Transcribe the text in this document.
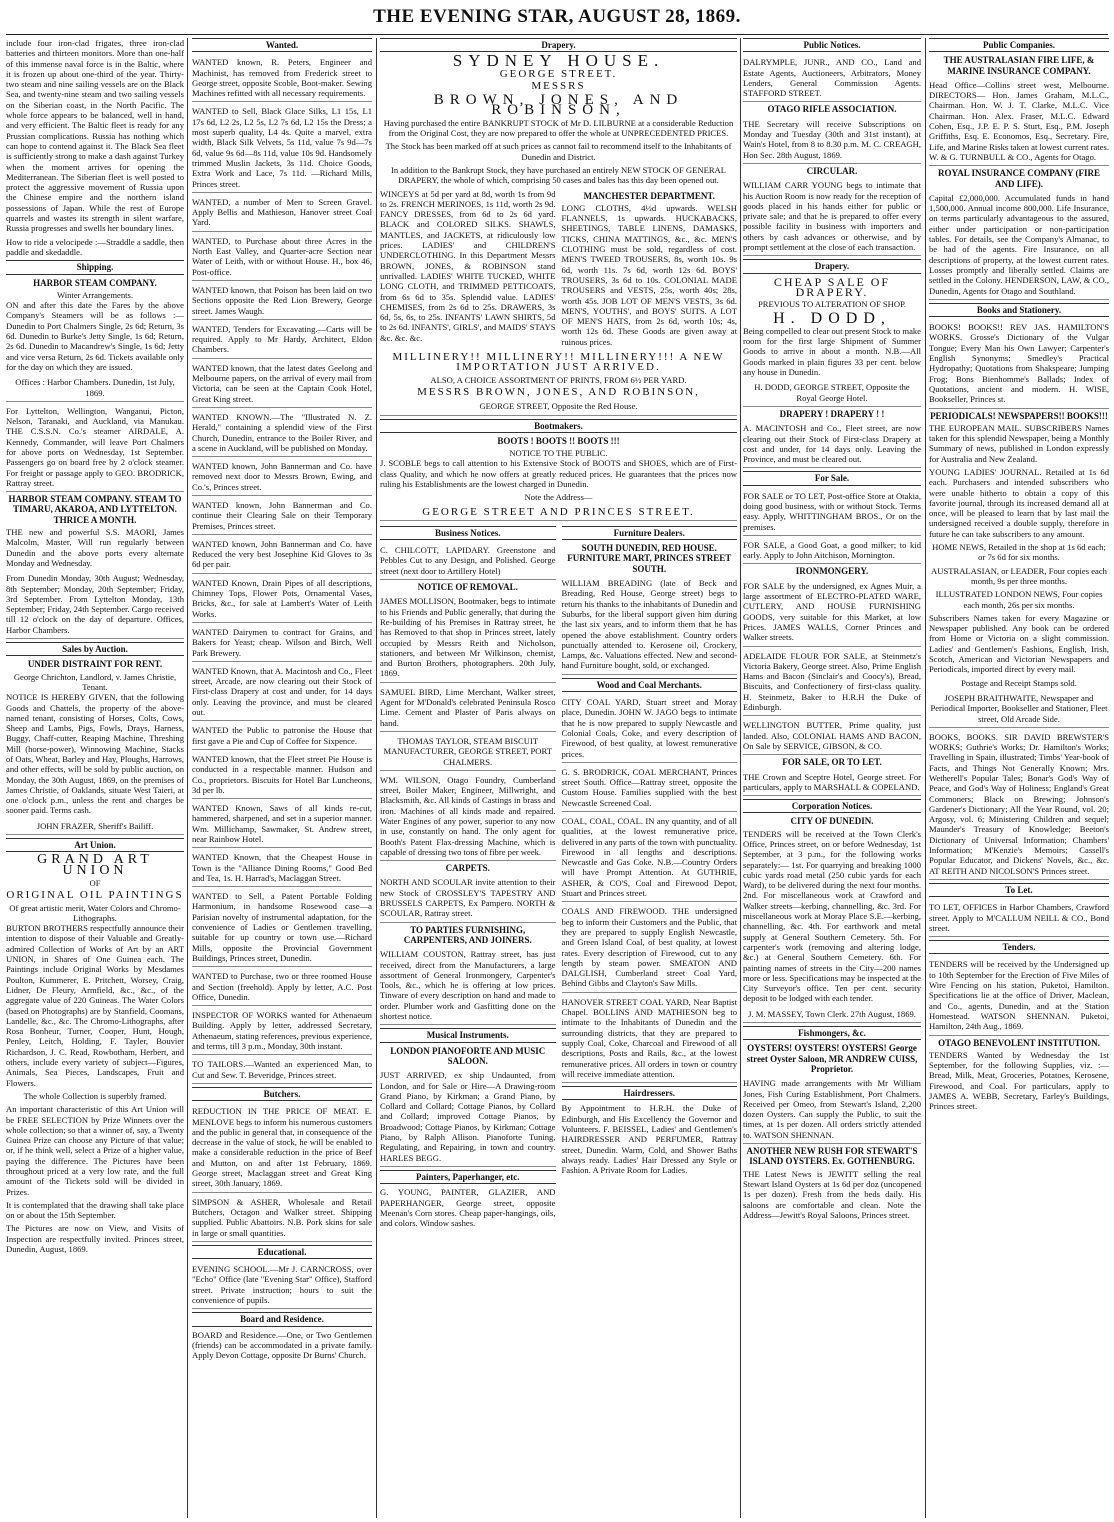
THE EVENING STAR, AUGUST 28, 1869.

include four iron-clad frigates, three iron-clad batteries and thirteen monitors. More than one-half of this immense naval force is in the Baltic, where it is frozen up about one-third of the year. Thirty-two steam and nine sailing vessels are on the Black Sea, and twenty-nine steam and two sailing vessels on the Siberian coast, in the North Pacific. The whole force appears to be balanced, well in hand, and very efficient. The Baltic fleet is ready for any Prussian complications. Russia has nothing which can hope to contend against it. The Black Sea fleet is sufficiently strong to make a dash against Turkey when the moment arrives for opening the Mediterranean. The Siberian fleet is well posted to protect the aggressive movement of Russia upon the Chinese empire and the northern island possessions of Japan. While the rest of Europe quarrels and wastes its strength in silent warfare, Russia progresses and swells her boundary lines.

How to ride a velocipede :—Straddle a saddle, then paddle and skedaddle.

Shipping.
HARBOR STEAM COMPANY.
Winter Arrangements.

ON and after this date the Fares by the above Company's Steamers will be as follows :— Dunedin to Port Chalmers Single, 2s 6d; Return, 3s 6d. Dunedin to Burke's Jetty Single, 1s 6d; Return, 2s 6d. Dunedin to Macandrew's Single, 1s 6d; Jetty and vice versa Return, 2s 6d. Tickets available only for the day on which they are issued.

Offices : Harbor Chambers. Dunedin, 1st July, 1869.

For Lyttelton, Wellington, Wanganui, Picton, Nelson, Taranaki, and Auckland, via Manukau. THE C.S.S.N. Co.'s steamer AIRDALE, A. Kennedy, Commander, will leave Port Chalmers for above ports on Wednesday, 1st September. Passengers go on board free by 2 o'clock steamer. For freight or passage apply to GEO. BRODRICK, Rattray street.

HARBOR STEAM COMPANY. STEAM TO TIMARU, AKAROA, AND LYTTELTON. THRICE A MONTH.

THE new and powerful S.S. MAORI, James Malcolm, Master, Will run regularly between Dunedin and the above ports every alternate Monday and Wednesday.

From Dunedin Monday, 30th August; Wednesday, 8th September; Monday, 20th September; Friday, 3rd September. From Lyttelton Monday, 13th September; Friday, 24th September. Cargo received till 12 o'clock on the day of departure. Offices, Harbor Chambers.

Sales by Auction.
UNDER DISTRAINT FOR RENT.
George Chrichton, Landlord, v. James Christie, Tenant.

NOTICE IS HEREBY GIVEN, that the following Goods and Chattels, the property of the above-named tenant, consisting of Horses, Colts, Cows, Sheep and Lambs, Pigs, Fowls, Drays, Harness, Buggy, Chaff-cutter, Reaping Machine, Threshing Mill (horse-power), Winnowing Machine, Stacks of Oats, Wheat, Barley and Hay, Ploughs, Harrows, and other effects, will be sold by public auction, on Monday, the 30th August, 1869, on the premises of James Christie, of Oaklands, situate West Taieri, at one o'clock p.m., unless the rent and charges be sooner paid. Terms cash.

JOHN FRAZER, Sheriff's Bailiff.
Art Union.
GRAND ART UNION
OF
ORIGINAL OIL PAINTINGS
Of great artistic merit, Water Colors and Chromo-Lithographs.

BURTON BROTHERS respectfully announce their intention to dispose of their Valuable and Greatly-admired Collection of Works of Art by an ART UNION, in Shares of One Guinea each. The Paintings include Original Works by Mesdames Poulton, Kummerer, E. Pritchett, Worsey, Craig, Lidner, De Fleury, Armfield, &c., &c., of the aggregate value of 220 Guineas. The Water Colors (based on Photographs) are by Stanfield, Coomans, Landelle, &c., &c. The Chromo-Lithographs, after Rosa Bonheur, Turner, Cooper, Hunt, Hough, Penley, Leitch, Holding, F. Tayler, Bouvier Richardson, J. C. Read, Rowbotham, Herbert, and others, include every variety of subject—Figures, Animals, Sea Pieces, Landscapes, Fruit and Flowers.

The whole Collection is superbly framed.

An important characteristic of this Art Union will be FREE SELECTION by Prize Winners over the whole collection; so that a winner of, say, a Twenty Guinea Prize can choose any Picture of that value; or, if he think well, select a Prize of a higher value, paying the difference. The Pictures have been throughout priced at a very low rate, and the full amount of the Tickets sold will be divided in Prizes.

It is contemplated that the drawing shall take place on or about the 15th September.

The Pictures are now on View, and Visits of Inspection are respectfully invited. Princes street, Dunedin, August, 1869.

Wanted.

WANTED known, R. Peters, Engineer and Machinist, has removed from Frederick street to George street, opposite Scoble, Boot-maker. Sewing Machines refitted with all necessary requirements.

WANTED to Sell, Black Glace Silks, L1 15s, L1 17s 6d, L2 2s, L2 5s, L2 7s 6d, L2 15s the Dress; a most superb quality, L4 4s. Quite a marvel, extra width, Black Silk Velvets, 5s 11d, value 7s 9d—7s 6d, value 9s 6d—8s 11d, value 10s 9d. Handsomely trimmed Muslin Jackets, 3s 11d. Choice Goods, Extra Work and Lace, 7s 11d. —Richard Mills, Princes street.

WANTED, a number of Men to Screen Gravel. Apply Bellis and Mathieson, Hanover street Coal Yard.

WANTED, to Purchase about three Acres in the North East Valley, and Quarter-acre Section near Water of Leith, with or without House. H., box 46, Post-office.

WANTED known, that Poison has been laid on two Sections opposite the Red Lion Brewery, George street. James Waugh.

WANTED, Tenders for Excavating.—Carts will be required. Apply to Mr Hardy, Architect, Eldon Chambers.

WANTED known, that the latest dates Geelong and Melbourne papers, on the arrival of every mail from Victoria, can be seen at the Captain Cook Hotel, Great King street.

WANTED KNOWN.—The "Illustrated N. Z. Herald," containing a splendid view of the First Church, Dunedin, entrance to the Boiler River, and a scene in Auckland, will be published on Monday.

WANTED known, John Bannerman and Co. have removed next door to Messrs Brown, Ewing, and Co.'s, Princes street.

WANTED known, John Bannerman and Co. continue their Clearing Sale on their Temporary Premises, Princes street.

WANTED known, John Bannerman and Co. have Reduced the very best Josephine Kid Gloves to 3s 6d per pair.

WANTED Known, Drain Pipes of all descriptions, Chimney Tops, Flower Pots, Ornamental Vases, Bricks, &c., for sale at Lambert's Water of Leith Works.

WANTED Dairymen to contract for Grains, and Bakers for Yeast; cheap. Wilson and Birch, Well Park Brewery.

WANTED Known, that A. Macintosh and Co., Fleet street, Arcade, are now clearing out their Stock of First-class Drapery at cost and under, for 14 days only. Leaving the province, and must be cleared out.

WANTED the Public to patronise the House that first gave a Pie and Cup of Coffee for Sixpence.

WANTED known, that the Fleet street Pie House is conducted in a respectable manner. Hudson and Co., proprietors. Biscuits for Hotel Bar Luncheons, 3d per lb.

WANTED Known, Saws of all kinds re-cut, hammered, sharpened, and set in a superior manner. Wm. Millichamp, Sawmaker, St. Andrew street, near Rainbow Hotel.

WANTED Known, that the Cheapest House in Town is the "Alliance Dining Rooms," Good Bed and Tea, 1s. H. Harrad's, Maclaggan Street.

WANTED to Sell, a Patent Portable Folding Harmonium, in handsome Rosewood case—a Parisian novelty of instrumental adaptation, for the convenience of Ladies or Gentlemen travelling, suitable for up country or town use.—Richard Mills, opposite the Provincial Government Buildings, Princes street, Dunedin.

WANTED to Purchase, two or three roomed House and Section (freehold). Apply by letter, A.C. Post Office, Dunedin.

INSPECTOR OF WORKS wanted for Athenaeum Building. Apply by letter, addressed Secretary, Athenaeum, stating references, previous experience, and terms, till 3 p.m., Monday, 30th instant.

TO TAILORS.—Wanted an experienced Man, to Cut and Sew. T. Beveridge, Princes street.

Butchers.

REDUCTION IN THE PRICE OF MEAT. E. MENLOVE begs to inform his numerous customers and the public in general that, in consequence of the decrease in the value of stock, he will be enabled to make a considerable reduction in the price of Beef and Mutton, on and after 1st February, 1869. George street, Maclaggan street and Great King street, 30th January, 1869.

SIMPSON & ASHER, Wholesale and Retail Butchers, Octagon and Walker street. Shipping supplied. Public Abattoirs. N.B. Pork skins for sale in large or small quantities.

Educational.

EVENING SCHOOL.—Mr J. CARNCROSS, over "Echo" Office (late "Evening Star" Office), Stafford street. Private instruction; hours to suit the convenience of pupils.

Board and Residence.

BOARD and Residence.—One, or Two Gentlemen (friends) can be accommodated in a private family. Apply Devon Cottage, opposite Dr Burns' Church.

Drapery.
SYDNEY HOUSE.
GEORGE STREET.
MESSRS
BROWN, JONES, AND ROBINSON,

Having purchased the entire BANKRUPT STOCK of Mr D. LILBURNE at a considerable Reduction from the Original Cost, they are now prepared to offer the whole at UNPRECEDENTED PRICES.

The Stock has been marked off at such prices as cannot fail to recommend itself to the Inhabitants of Dunedin and District.

In addition to the Bankrupt Stock, they have purchased an entirely NEW STOCK OF GENERAL DRAPERY, the whole of which, comprising 50 cases and bales has this day been opened out.

WINCEYS at 5d per yard at 8d, worth 1s from 9d to 2s. FRENCH MERINOES, 1s 11d, worth 2s 9d. FANCY DRESSES, from 6d to 2s 6d yard. BLACK and COLORED SILKS. SHAWLS, MANTLES, and JACKETS, at ridiculously low prices. LADIES' and CHILDREN'S UNDERCLOTHING. In this Department Messrs BROWN, JONES, & ROBINSON stand unrivalled. LADIES' WHITE TUCKED, WHITE LONG CLOTH, and TRIMMED PETTICOATS, from 6s 6d to 35s. Splendid value. LADIES' CHEMISES, from 2s 6d to 25s. DRAWERS, 3s 6d, 5s, 6s, to 25s. INFANTS' LAWN SHIRTS, 5d to 2s 6d. INFANTS', GIRLS', and MAIDS' STAYS &c. &c. &c.

MANCHESTER DEPARTMENT.

LONG CLOTHS, 4½d upwards. WELSH FLANNELS, 1s upwards. HUCKABACKS, SHEETINGS, TABLE LINENS, DAMASKS, TICKS, CHINA MATTINGS, &c., &c. MEN'S CLOTHING must be sold, regardless of cost. MEN'S TWEED TROUSERS, 8s, worth 10s. 9s 6d, worth 11s. 7s 6d, worth 12s 6d. BOYS' TROUSERS, 3s 6d to 10s. COLONIAL MADE TROUSERS and VESTS, 25s, worth 40s; 28s, worth 45s. JOB LOT OF MEN'S VESTS, 3s 6d. MEN'S, YOUTHS', and BOYS' SUITS. A LOT OF MEN'S HATS, from 2s 6d, worth 10s; 4s, worth 12s 6d. These Goods are given away at ruinous prices.

MILLINERY!! MILLINERY!! MILLINERY!!! A NEW IMPORTATION JUST ARRIVED.
ALSO, A CHOICE ASSORTMENT OF PRINTS, FROM 6½ PER YARD.
MESSRS BROWN, JONES, AND ROBINSON,
GEORGE STREET, Opposite the Red House.
Bootmakers.
BOOTS ! BOOTS !! BOOTS !!!
NOTICE TO THE PUBLIC.

J. SCOBLE begs to call attention to his Extensive Stock of BOOTS and SHOES, which are of First-class Quality, and which he now offers at greatly reduced prices. He guarantees that the prices now ruling his Establishments are the lowest charged in Dunedin.

Note the Address—
GEORGE STREET AND PRINCES STREET.
Business Notices.

C. CHILCOTT, LAPIDARY. Greenstone and Pebbles Cut to any Design, and Polished. George street (next door to Artillery Hotel)

NOTICE OF REMOVAL.

JAMES MOLLISON, Bootmaker, begs to intimate to his Friends and Public generally, that during the Re-building of his Premises in Rattray street, he has Removed to that shop in Princes street, lately occupied by Messrs Reith and Nicholson, stationers, and between Mr Wilkinson, chemist, and Burton Brothers, photographers. 20th July, 1869.

SAMUEL BIRD, Lime Merchant, Walker street, Agent for M'Donald's celebrated Peninsula Rosco Lime. Cement and Plaster of Paris always on hand.

THOMAS TAYLOR, STEAM BISCUIT MANUFACTURER, GEORGE STREET, PORT CHALMERS.

WM. WILSON, Otago Foundry, Cumberland street, Boiler Maker, Engineer, Millwright, and Blacksmith, &c. All kinds of Castings in brass and iron. Machines of all kinds made and repaired. Water Engines of any power, superior to any now in use, constantly on hand. The only agent for Booth's Patent Flax-dressing Machine, which is capable of dressing two tons of fibre per week.

CARPETS.

NORTH AND SCOULAR invite attention to their new Stock of CROSSLEY'S TAPESTRY AND BRUSSELS CARPETS, Ex Pampero. NORTH & SCOULAR, Rattray street.

TO PARTIES FURNISHING, CARPENTERS, AND JOINERS.

WILLIAM COUSTON, Rattray street, has just received, direct from the Manufacturers, a large assortment of General Ironmongery, Carpenter's Tools, &c., which he is offering at low prices. Tinware of every description on hand and made to order. Plumber work and Gasfitting done on the shortest notice.

Musical Instruments.
LONDON PIANOFORTE AND MUSIC SALOON.

JUST ARRIVED, ex ship Undaunted, from London, and for Sale or Hire—A Drawing-room Grand Piano, by Kirkman; a Grand Piano, by Collard and Collard; Cottage Pianos, by Collard and Collard; improved Cottage Pianos, by Broadwood; Cottage Pianos, by Kirkman; Cottage Piano, by Ralph Allison. Pianoforte Tuning, Regulating, and Repairing, in town and country. HARLES BEGG.

Painters, Paperhanger, etc.

G. YOUNG, PAINTER, GLAZIER, AND PAPERHANGER, George street, opposite Meenan's Corn stores. Cheap paper-hangings, oils, and colors. Window sashes.

Furniture Dealers.
SOUTH DUNEDIN, RED HOUSE. FURNITURE MART, PRINCES STREET SOUTH.

WILLIAM BREADING (late of Beck and Breading, Red House, George street) begs to return his thanks to the inhabitants of Dunedin and Suburbs, for the liberal support given him during the last six years, and to inform them that he has opened the above establishment. Country orders punctually attended to. Kerosene oil, Crockery, Lamps, &c. Valuations effected. New and second-hand Furniture bought, sold, or exchanged.

Wood and Coal Merchants.

CITY COAL YARD, Stuart street and Moray place, Dunedin. JOHN W. JAGO begs to intimate that he is now prepared to supply Newcastle and Colonial Coals, Coke, and every description of Firewood, of best quality, at lowest remunerative prices.

G. S. BRODRICK, COAL MERCHANT, Princes street South. Office—Rattray street, opposite the Custom House. Families supplied with the best Newcastle Screened Coal.

COAL, COAL, COAL. IN any quantity, and of all qualities, at the lowest remunerative price, delivered in any parts of the town with punctuality. Firewood in all lengths and descriptions. Newcastle and Gas Coke. N.B.—Country Orders will have Prompt Attention. At GUTHRIE, ASHER, & CO'S, Coal and Firewood Depot, Stuart and Princes street.

COALS AND FIREWOOD. THE undersigned beg to inform their Customers and the Public, that they are prepared to supply English Newcastle, and Green Island Coal, of best quality, at lowest rates. Every description of Firewood, cut to any length by steam power. SMEATON AND DALGLISH, Cumberland street Coal Yard, Behind Gibbs and Clayton's Saw Mills.

HANOVER STREET COAL YARD, Near Baptist Chapel. BOLLINS AND MATHIESON beg to intimate to the Inhabitants of Dunedin and the surrounding districts, that they are prepared to supply Coal, Coke, Charcoal and Firewood of all descriptions, Posts and Rails, &c., at the lowest remunerative prices. All orders in town or country will receive immediate attention.

Hairdressers.

By Appointment to H.R.H. the Duke of Edinburgh, and His Excellency the Governor and Volunteers. F. BEISSEL, Ladies' and Gentlemen's HAIRDRESSER AND PERFUMER, Rattray street, Dunedin. Warm, Cold, and Shower Baths always ready. Ladies' Hair Dressed any Style or Fashion. A Private Room for Ladies.

Public Notices.

DALRYMPLE, JUNR., AND CO., Land and Estate Agents, Auctioneers, Arbitrators, Money Lenders, General Commission Agents. STAFFORD STREET.

OTAGO RIFLE ASSOCIATION.

THE Secretary will receive Subscriptions on Monday and Tuesday (30th and 31st instant), at Wain's Hotel, from 8 to 8.30 p.m. M. C. CREAGH, Hon Sec. 28th August, 1869.

CIRCULAR.

WILLIAM CARR YOUNG begs to intimate that his Auction Room is now ready for the reception of goods placed in his hands either for public or private sale; and that he is prepared to offer every possible facility in business with importers and others by cash advances or otherwise, and by prompt settlement at the close of each transaction.

Drapery.
CHEAP SALE OF DRAPERY.
PREVIOUS TO ALTERATION OF SHOP.
H. DODD,

Being compelled to clear out present Stock to make room for the first large Shipment of Summer Goods to arrive in about a month. N.B.—All Goods marked in plain figures 33 per cent. below any house in Dunedin.

H. DODD, GEORGE STREET, Opposite the Royal George Hotel.
DRAPERY ! DRAPERY ! !

A. MACINTOSH and Co., Fleet street, are now clearing out their Stock of First-class Drapery at cost and under, for 14 days only. Leaving the Province, and must be cleared out.

For Sale.

FOR SALE or TO LET, Post-office Store at Otakia, doing good business, with or without Stock. Terms easy. Apply, WHITTINGHAM BROS., Or on the premises.

FOR SALE, a Good Goat, a good milker; to kid early. Apply to John Aitchison, Mornington.

IRONMONGERY.

FOR SALE by the undersigned, ex Agnes Muir, a large assortment of ELECTRO-PLATED WARE, CUTLERY, AND HOUSE FURNISHING GOODS, very suitable for this Market, at low Prices. JAMES WALLS, Corner Princes and Walker streets.

ADELAIDE FLOUR FOR SALE, at Steinmetz's Victoria Bakery, George street. Also, Prime English Hams and Bacon (Sinclair's and Coocy's), Bread, Biscuits, and Confectionery of first-class quality. H. Steinmetz, Baker to H.R.H the Duke of Edinburgh.

WELLINGTON BUTTER, Prime quality, just landed. Also, COLONIAL HAMS AND BACON, On Sale by SERVICE, GIBSON, & CO.

FOR SALE, OR TO LET.

THE Crown and Sceptre Hotel, George street. For particulars, apply to MARSHALL & COPELAND.

Corporation Notices.
CITY OF DUNEDIN.

TENDERS will be received at the Town Clerk's Office, Princes street, on or before Wednesday, 1st September, at 3 p.m., for the following works separately:— 1st. For quarrying and breaking 1000 cubic yards road metal (250 cubic yards for each Ward), to be delivered during the next four months. 2nd. For miscellaneous work at Crawford and Walker streets—kerbing, channelling, &c. 3rd. For miscellaneous work at Moray Place S.E.—kerbing, channelling, &c. 4th. For earthwork and metal supply at General Southern Cemetery. 5th. For carpenter's work (removing and altering lodge, &c.) at General Southern Cemetery. 6th. For painting names of streets in the City—200 names more or less. Specifications may be inspected at the City Surveyor's office. Ten per cent. security deposit to be lodged with each tender.

J. M. MASSEY, Town Clerk. 27th August, 1869.
Fishmongers, &c.
OYSTERS! OYSTERS! OYSTERS! George street Oyster Saloon, MR ANDREW CUISS, Proprietor.

HAVING made arrangements with Mr William Jones, Fish Curing Establishment, Port Chalmers. Received per Omeo, from Stewart's Island, 2,200 dozen Oysters. Can supply the Public, to suit the times, at 1s per dozen. All orders strictly attended to. WATSON SHENNAN.

ANOTHER NEW RUSH FOR STEWART'S ISLAND OYSTERS. Ex. GOTHENBURG.

THE Latest News is JEWITT selling the real Stewart Island Oysters at 1s 6d per doz (uncopened 1s per dozen). Fresh from the beds daily. His saloons are comfortable and clean. Note the Address—Jewitt's Royal Saloons, Princes street.

Public Companies.
THE AUSTRALASIAN FIRE LIFE, & MARINE INSURANCE COMPANY.

Head Office—Collins street west, Melbourne. DIRECTORS— Hon. James Graham, M.L.C., Chairman. Hon. W. J. T. Clarke, M.L.C. Vice Chairman. Hon. Alex. Fraser, M.L.C. Edward Cohen, Esq., J.P. E. P. S. Sturt, Esq., P.M. Joseph Griffiths, Esq. E. Economos, Esq., Secretary. Fire, Life, and Marine Risks taken at lowest current rates. W. & G. TURNBULL & CO., Agents for Otago.

ROYAL INSURANCE COMPANY (FIRE AND LIFE).

Capital £2,000,000. Accumulated funds in hand 1,500,000. Annual income 800,000. Life Insurance, on terms particularly advantageous to the assured, either under participation or non-participation tables. For details, see the Company's Almanac, to be had of the agents. Fire Insurance, on all descriptions of property, at the lowest current rates. Losses promptly and liberally settled. Claims are settled in the Colony. HENDERSON, LAW, & CO., Dunedin, Agents for Otago and Southland.

Books and Stationery.

BOOKS! BOOKS!! REV JAS. HAMILTON'S WORKS. Grosse's Dictionary of the Vulgar Tongue; Every Man his Own Lawyer; Carpenter's English Synonyms; Smedley's Practical Hydropathy; Quotations from Shakspeare; Jumping Frog; Bons Bienhomme's Ballads; Index of Quotations, ancient and modern. H. WISE, Bookseller, Princes st.

PERIODICALS! NEWSPAPERS!! BOOKS!!!

THE EUROPEAN MAIL. SUBSCRIBERS Names taken for this splendid Newspaper, being a Monthly Summary of news, published in London expressly for Australia and New Zealand.

YOUNG LADIES' JOURNAL. Retailed at 1s 6d each. Purchasers and intended subscribers who were unable hitherto to obtain a copy of this favorite journal, through its increased demand all at once, will be pleased to learn that by last mail the undersigned received a double supply, therefore in future he can take subscribers to any amount.

HOME NEWS, Retailed in the shop at 1s 6d each; or 7s 6d for six months.

AUSTRALASIAN, or LEADER, Four copies each month, 9s per three months.

ILLUSTRATED LONDON NEWS, Four copies each month, 26s per six months.

Subscribers Names taken for every Magazine or Newspaper published. Any book can be ordered from Home or Victoria on a slight commission. Ladies' and Gentlemen's Fashions, English, Irish, Scotch, American and Victorian Newspapers and Periodicals, imported direct by every mail.

Postage and Receipt Stamps sold.

JOSEPH BRAITHWAITE, Newspaper and Periodical Importer, Bookseller and Stationer, Fleet street, Old Arcade Side.

BOOKS, BOOKS. SIR DAVID BREWSTER'S WORKS; Guthrie's Works; Dr. Hamilton's Works; Travelling in Spain, illustrated; Timbs' Year-book of Facts, and Things Not Generally Known; Mrs. Wetherell's Popular Tales; Bonar's God's Way of Peace, and God's Way of Holiness; England's Great Commoners; Black on Brewing; Johnson's Gardener's Dictionary; All the Year Round, vol. 20; Argosy, vol. 6; Ministering Children and sequel; Maunder's Treasury of Knowledge; Beeton's Dictionary of Universal Information; Chambers' Information; M'Kenzie's Memoirs; Cassell's Popular Educator, and Dickens' Novels, &c., &c. AT REITH AND NICOLSON'S Princes street.

To Let.

TO LET, OFFICES in Harbor Chambers, Crawford street. Apply to M'CALLUM NEILL & CO., Bond street.

Tenders.

TENDERS will be received by the Undersigned up to 10th September for the Erection of Five Miles of Wire Fencing on his station, Puketoi, Hamilton. Specifications lie at the office of Driver, Maclean, and Co., agents, Dunedin, and at the Station Homestead. WATSON SHENNAN. Puketoi, Hamilton, 24th Aug., 1869.

OTAGO BENEVOLENT INSTITUTION.

TENDERS Wanted by Wednesday the 1st September, for the following Supplies, viz. :—Bread, Milk, Meat, Groceries, Potatoes, Kerosene, Firewood, and Coal. For particulars, apply to JAMES A. WEBB, Secretary, Farley's Buildings, Princes street.
